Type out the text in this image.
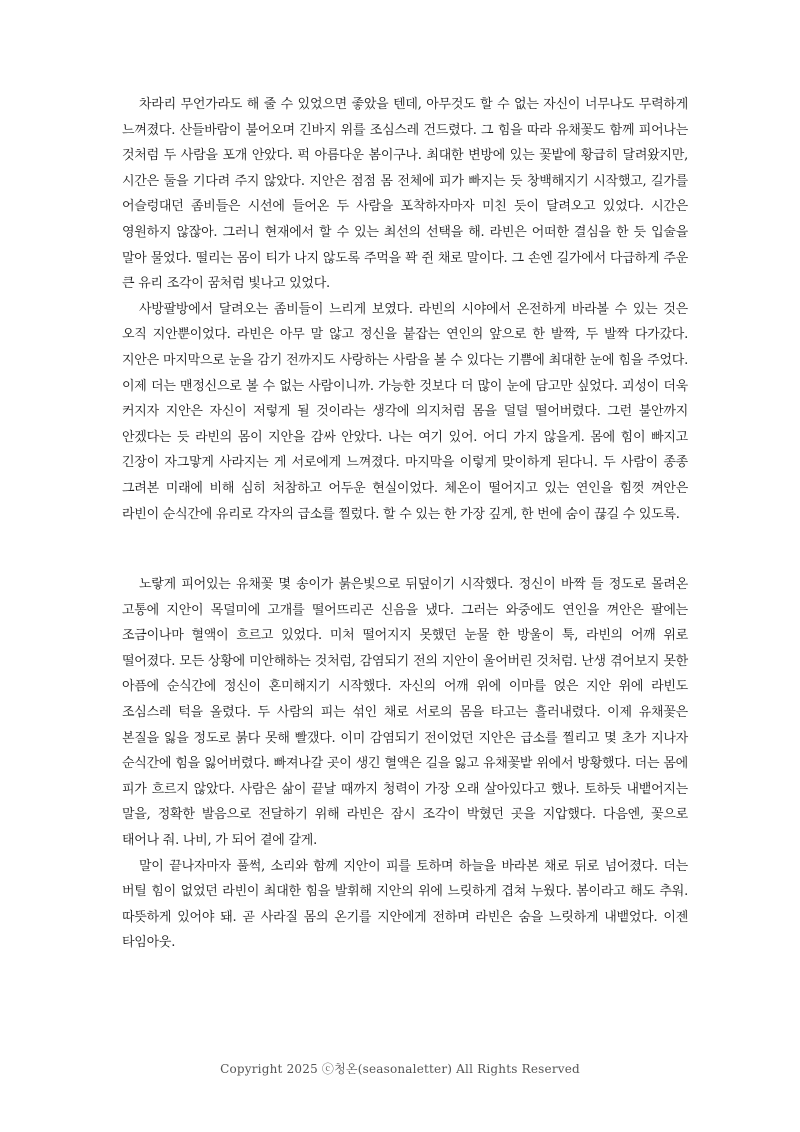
차라리 무언가라도 해 줄 수 있었으면 좋았을 텐데, 아무것도 할 수 없는 자신이 너무나도 무력하게 느껴졌다. 산들바람이 불어오며 긴바지 위를 조심스레 건드렸다. 그 힘을 따라 유채꽃도 함께 피어나는 것처럼 두 사람을 포개 안았다. 퍽 아름다운 봄이구나. 최대한 변방에 있는 꽃밭에 황급히 달려왔지만, 시간은 둘을 기다려 주지 않았다. 지안은 점점 몸 전체에 피가 빠지는 듯 창백해지기 시작했고, 길가를 어슬렁대던 좀비들은 시선에 들어온 두 사람을 포착하자마자 미친 듯이 달려오고 있었다. 시간은 영원하지 않잖아. 그러니 현재에서 할 수 있는 최선의 선택을 해. 라빈은 어떠한 결심을 한 듯 입술을 말아 물었다. 떨리는 몸이 티가 나지 않도록 주먹을 꽉 쥔 채로 말이다. 그 손엔 길가에서 다급하게 주운 큰 유리 조각이 꿈처럼 빛나고 있었다.

사방팔방에서 달려오는 좀비들이 느리게 보였다. 라빈의 시야에서 온전하게 바라볼 수 있는 것은 오직 지안뿐이었다. 라빈은 아무 말 않고 정신을 붙잡는 연인의 앞으로 한 발짝, 두 발짝 다가갔다. 지안은 마지막으로 눈을 감기 전까지도 사랑하는 사람을 볼 수 있다는 기쁨에 최대한 눈에 힘을 주었다. 이제 더는 맨정신으로 볼 수 없는 사람이니까. 가능한 것보다 더 많이 눈에 담고만 싶었다. 괴성이 더욱 커지자 지안은 자신이 저렇게 될 것이라는 생각에 의지처럼 몸을 덜덜 떨어버렸다. 그런 불안까지 안겠다는 듯 라빈의 몸이 지안을 감싸 안았다. 나는 여기 있어. 어디 가지 않을게. 몸에 힘이 빠지고 긴장이 자그맣게 사라지는 게 서로에게 느껴졌다. 마지막을 이렇게 맞이하게 된다니. 두 사람이 종종 그려본 미래에 비해 심히 처참하고 어두운 현실이었다. 체온이 떨어지고 있는 연인을 힘껏 껴안은 라빈이 순식간에 유리로 각자의 급소를 찔렀다. 할 수 있는 한 가장 깊게, 한 번에 숨이 끊길 수 있도록.

노랗게 피어있는 유채꽃 몇 송이가 붉은빛으로 뒤덮이기 시작했다. 정신이 바짝 들 정도로 몰려온 고통에 지안이 목덜미에 고개를 떨어뜨리곤 신음을 냈다. 그러는 와중에도 연인을 껴안은 팔에는 조금이나마 혈액이 흐르고 있었다. 미처 떨어지지 못했던 눈물 한 방울이 툭, 라빈의 어깨 위로 떨어졌다. 모든 상황에 미안해하는 것처럼, 감염되기 전의 지안이 울어버린 것처럼. 난생 겪어보지 못한 아픔에 순식간에 정신이 혼미해지기 시작했다. 자신의 어깨 위에 이마를 얹은 지안 위에 라빈도 조심스레 턱을 올렸다. 두 사람의 피는 섞인 채로 서로의 몸을 타고는 흘러내렸다. 이제 유채꽃은 본질을 잃을 정도로 붉다 못해 빨갰다. 이미 감염되기 전이었던 지안은 급소를 찔리고 몇 초가 지나자 순식간에 힘을 잃어버렸다. 빠져나갈 곳이 생긴 혈액은 길을 잃고 유채꽃밭 위에서 방황했다. 더는 몸에 피가 흐르지 않았다. 사람은 삶이 끝날 때까지 청력이 가장 오래 살아있다고 했나. 토하듯 내뱉어지는 말을, 정확한 발음으로 전달하기 위해 라빈은 잠시 조각이 박혔던 곳을 지압했다. 다음엔, 꽃으로 태어나 줘. 나비, 가 되어 곁에 갈게.

말이 끝나자마자 풀썩, 소리와 함께 지안이 피를 토하며 하늘을 바라본 채로 뒤로 넘어졌다. 더는 버틸 힘이 없었던 라빈이 최대한 힘을 발휘해 지안의 위에 느릿하게 겹쳐 누웠다. 봄이라고 해도 추워. 따뜻하게 있어야 돼. 곧 사라질 몸의 온기를 지안에게 전하며 라빈은 숨을 느릿하게 내뱉었다. 이젠 타임아웃.

Copyright 2025 ⓒ청온(seasonaletter) All Rights Reserved
